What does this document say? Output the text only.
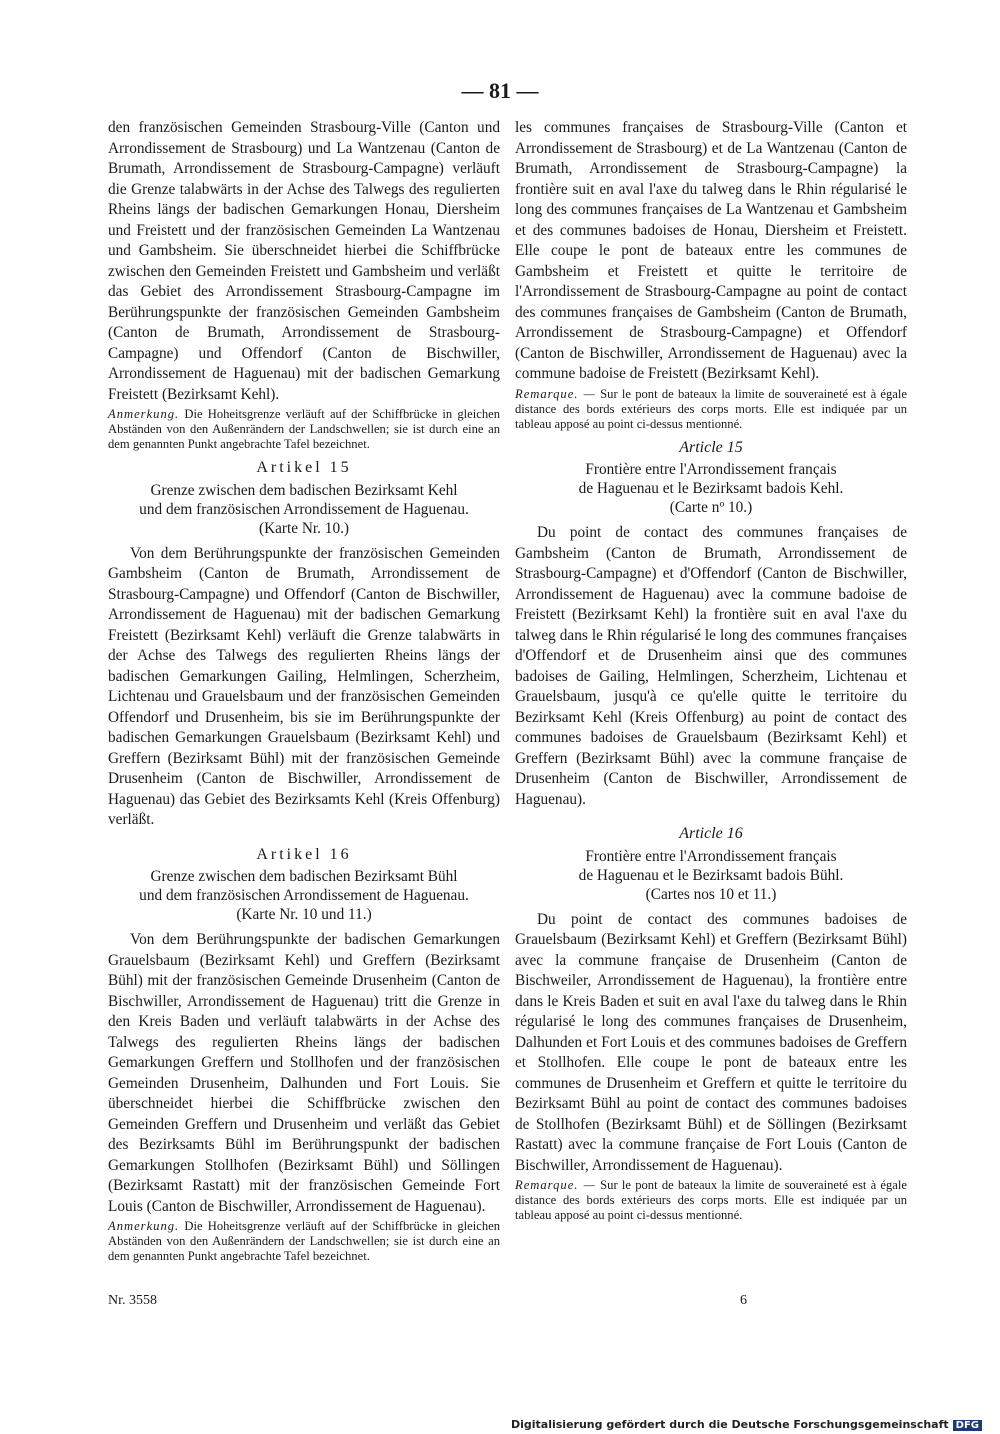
— 81 —

den französischen Gemeinden Strasbourg-Ville (Canton und Arrondissement de Strasbourg) und La Wantzenau (Canton de Brumath, Arrondissement de Strasbourg-Campagne) verläuft die Grenze talabwärts in der Achse des Talwegs des regulierten Rheins längs der badischen Gemarkungen Honau, Diersheim und Freistett und der französischen Gemeinden La Wantzenau und Gambsheim. Sie überschneidet hierbei die Schiffbrücke zwischen den Gemeinden Freistett und Gambsheim und verläßt das Gebiet des Arrondissement Strasbourg-Campagne im Berührungspunkte der französischen Gemeinden Gambsheim (Canton de Brumath, Arrondissement de Strasbourg-Campagne) und Offendorf (Canton de Bischwiller, Arrondissement de Haguenau) mit der badischen Gemarkung Freistett (Bezirksamt Kehl).

Anmerkung. Die Hoheitsgrenze verläuft auf der Schiffbrücke in gleichen Abständen von den Außenrändern der Landschwellen; sie ist durch eine an dem genannten Punkt angebrachte Tafel bezeichnet.

Artikel 15
Grenze zwischen dem badischen Bezirksamt Kehl
und dem französischen Arrondissement de Haguenau.
(Karte Nr. 10.)

Von dem Berührungspunkte der französischen Gemeinden Gambsheim (Canton de Brumath, Arrondissement de Strasbourg-Campagne) und Offendorf (Canton de Bischwiller, Arrondissement de Haguenau) mit der badischen Gemarkung Freistett (Bezirksamt Kehl) verläuft die Grenze talabwärts in der Achse des Talwegs des regulierten Rheins längs der badischen Gemarkungen Gailing, Helmlingen, Scherzheim, Lichtenau und Grauelsbaum und der französischen Gemeinden Offendorf und Drusenheim, bis sie im Berührungspunkte der badischen Gemarkungen Grauelsbaum (Bezirksamt Kehl) und Greffern (Bezirksamt Bühl) mit der französischen Gemeinde Drusenheim (Canton de Bischwiller, Arrondissement de Haguenau) das Gebiet des Bezirksamts Kehl (Kreis Offenburg) verläßt.

Artikel 16
Grenze zwischen dem badischen Bezirksamt Bühl
und dem französischen Arrondissement de Haguenau.
(Karte Nr. 10 und 11.)

Von dem Berührungspunkte der badischen Gemarkungen Grauelsbaum (Bezirksamt Kehl) und Greffern (Bezirksamt Bühl) mit der französischen Gemeinde Drusenheim (Canton de Bischwiller, Arrondissement de Haguenau) tritt die Grenze in den Kreis Baden und verläuft talabwärts in der Achse des Talwegs des regulierten Rheins längs der badischen Gemarkungen Greffern und Stollhofen und der französischen Gemeinden Drusenheim, Dalhunden und Fort Louis. Sie überschneidet hierbei die Schiffbrücke zwischen den Gemeinden Greffern und Drusenheim und verläßt das Gebiet des Bezirksamts Bühl im Berührungspunkt der badischen Gemarkungen Stollhofen (Bezirksamt Bühl) und Söllingen (Bezirksamt Rastatt) mit der französischen Gemeinde Fort Louis (Canton de Bischwiller, Arrondissement de Haguenau).

Anmerkung. Die Hoheitsgrenze verläuft auf der Schiffbrücke in gleichen Abständen von den Außenrändern der Landschwellen; sie ist durch eine an dem genannten Punkt angebrachte Tafel bezeichnet.

les communes françaises de Strasbourg-Ville (Canton et Arrondissement de Strasbourg) et de La Wantzenau (Canton de Brumath, Arrondissement de Strasbourg-Campagne) la frontière suit en aval l'axe du talweg dans le Rhin régularisé le long des communes françaises de La Wantzenau et Gambsheim et des communes badoises de Honau, Diersheim et Freistett. Elle coupe le pont de bateaux entre les communes de Gambsheim et Freistett et quitte le territoire de l'Arrondissement de Strasbourg-Campagne au point de contact des communes françaises de Gambsheim (Canton de Brumath, Arrondissement de Strasbourg-Campagne) et Offendorf (Canton de Bischwiller, Arrondissement de Haguenau) avec la commune badoise de Freistett (Bezirksamt Kehl).

Remarque. — Sur le pont de bateaux la limite de souveraineté est à égale distance des bords extérieurs des corps morts. Elle est indiquée par un tableau apposé au point ci-dessus mentionné.

Article 15
Frontière entre l'Arrondissement français
de Haguenau et le Bezirksamt badois Kehl.
(Carte nº 10.)

Du point de contact des communes françaises de Gambsheim (Canton de Brumath, Arrondissement de Strasbourg-Campagne) et d'Offendorf (Canton de Bischwiller, Arrondissement de Haguenau) avec la commune badoise de Freistett (Bezirksamt Kehl) la frontière suit en aval l'axe du talweg dans le Rhin régularisé le long des communes françaises d'Offendorf et de Drusenheim ainsi que des communes badoises de Gailing, Helmlingen, Scherzheim, Lichtenau et Grauelsbaum, jusqu'à ce qu'elle quitte le territoire du Bezirksamt Kehl (Kreis Offenburg) au point de contact des communes badoises de Grauelsbaum (Bezirksamt Kehl) et Greffern (Bezirksamt Bühl) avec la commune française de Drusenheim (Canton de Bischwiller, Arrondissement de Haguenau).

Article 16
Frontière entre l'Arrondissement français
de Haguenau et le Bezirksamt badois Bühl.
(Cartes nos 10 et 11.)

Du point de contact des communes badoises de Grauelsbaum (Bezirksamt Kehl) et Greffern (Bezirksamt Bühl) avec la commune française de Drusenheim (Canton de Bischweiler, Arrondissement de Haguenau), la frontière entre dans le Kreis Baden et suit en aval l'axe du talweg dans le Rhin régularisé le long des communes françaises de Drusenheim, Dalhunden et Fort Louis et des communes badoises de Greffern et Stollhofen. Elle coupe le pont de bateaux entre les communes de Drusenheim et Greffern et quitte le territoire du Bezirksamt Bühl au point de contact des communes badoises de Stollhofen (Bezirksamt Bühl) et de Söllingen (Bezirksamt Rastatt) avec la commune française de Fort Louis (Canton de Bischwiller, Arrondissement de Haguenau).

Remarque. — Sur le pont de bateaux la limite de souveraineté est à égale distance des bords extérieurs des corps morts. Elle est indiquée par un tableau apposé au point ci-dessus mentionné.

Nr. 3558	6
Digitalisierung gefördert durch die Deutsche Forschungsgemeinschaft DFG
